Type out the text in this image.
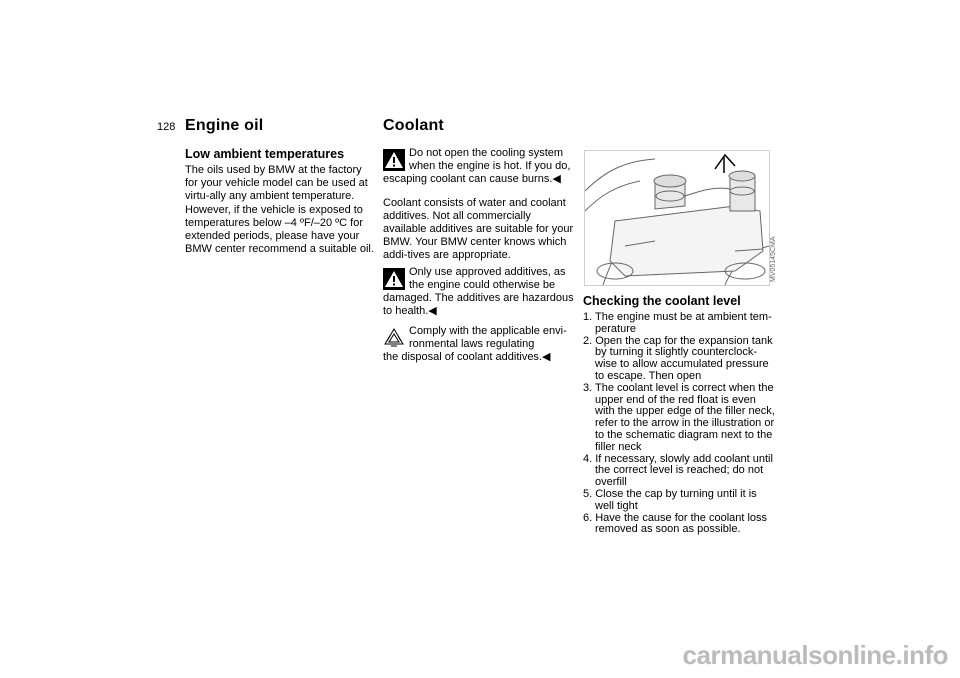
128 Engine oil
Low ambient temperatures

The oils used by BMW at the factory for your vehicle model can be used at virtu-ally any ambient temperature.

However, if the vehicle is exposed to temperatures below –4 ºF/–20 ºC for extended periods, please have your BMW center recommend a suitable oil.

Coolant

Do not open the cooling system when the engine is hot. If you do,

escaping coolant can cause burns.◀

Coolant consists of water and coolant additives. Not all commercially available additives are suitable for your BMW. Your BMW center knows which addi-tives are appropriate.

Only use approved additives, as the engine could otherwise be

damaged. The additives are hazardous to health.◀

Comply with the applicable envi-ronmental laws regulating

the disposal of coolant additives.◀

MV05145CMA
Checking the coolant level
1. The engine must be at ambient tem-perature
2. Open the cap for the expansion tank by turning it slightly counterclock-wise to allow accumulated pressure to escape. Then open
3. The coolant level is correct when the upper end of the red float is even with the upper edge of the filler neck, refer to the arrow in the illustration or to the schematic diagram next to the filler neck
4. If necessary, slowly add coolant until the correct level is reached; do not overfill
5. Close the cap by turning until it is well tight
6. Have the cause for the coolant loss removed as soon as possible.
carmanualsonline.info
